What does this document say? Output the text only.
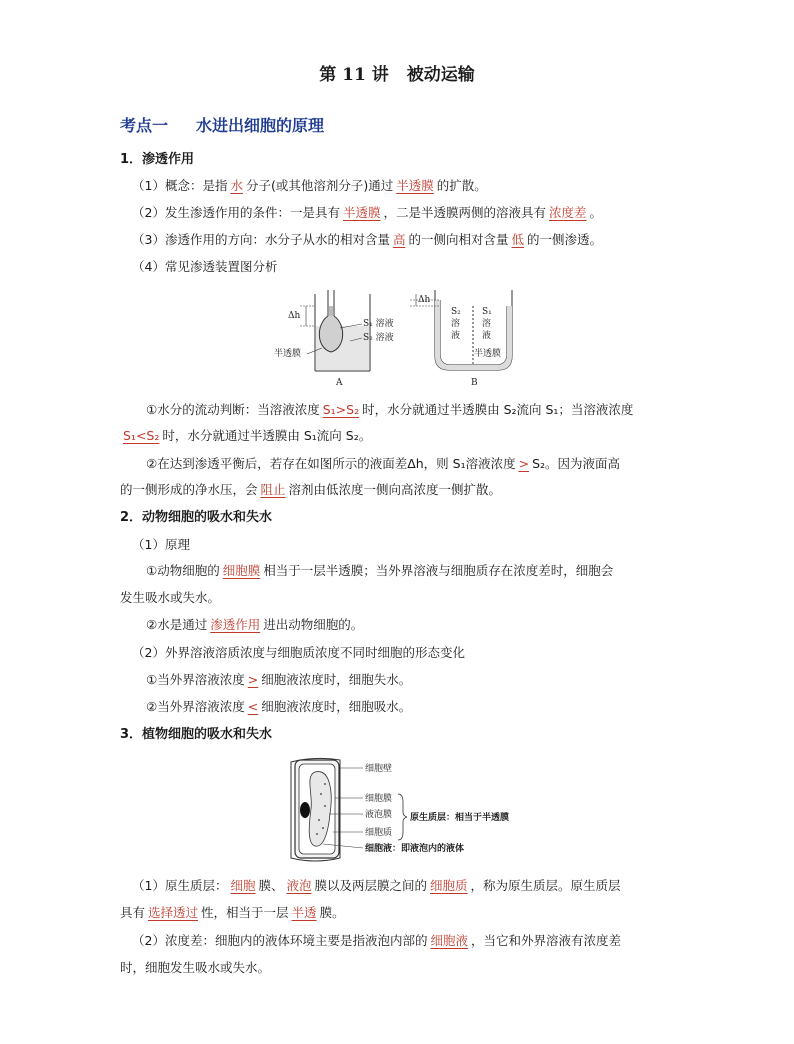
第 11 讲 被动运输
考点一 水进出细胞的原理
1．渗透作用
（1）概念：是指 水 分子(或其他溶剂分子)通过 半透膜 的扩散。
（2）发生渗透作用的条件：一是具有 半透膜 ，二是半透膜两侧的溶液具有 浓度差 。
（3）渗透作用的方向：水分子从水的相对含量 高 的一侧向相对含量 低 的一侧渗透。
（4）常见渗透装置图分析
Δh
S₁ 溶液
S₂ 溶液
半透膜
A
Δh
S₂
溶
液
S₁
溶
液
半透膜
B
①水分的流动判断：当溶液浓度 S₁>S₂ 时，水分就通过半透膜由 S₂流向 S₁；当溶液浓度
S₁<S₂ 时，水分就通过半透膜由 S₁流向 S₂。
②在达到渗透平衡后，若存在如图所示的液面差Δh，则 S₁溶液浓度 > S₂。因为液面高
的一侧形成的净水压，会 阻止 溶剂由低浓度一侧向高浓度一侧扩散。
2．动物细胞的吸水和失水
（1）原理
①动物细胞的 细胞膜 相当于一层半透膜；当外界溶液与细胞质存在浓度差时，细胞会
发生吸水或失水。
②水是通过 渗透作用 进出动物细胞的。
（2）外界溶液溶质浓度与细胞质浓度不同时细胞的形态变化
①当外界溶液浓度 > 细胞液浓度时，细胞失水。
②当外界溶液浓度 < 细胞液浓度时，细胞吸水。
3．植物细胞的吸水和失水
细胞壁
细胞膜
液泡膜
细胞质
细胞液：即液泡内的液体
原生质层：相当于半透膜
（1）原生质层： 细胞 膜、 液泡 膜以及两层膜之间的 细胞质 ，称为原生质层。原生质层
具有 选择透过 性，相当于一层 半透 膜。
（2）浓度差：细胞内的液体环境主要是指液泡内部的 细胞液 ，当它和外界溶液有浓度差
时，细胞发生吸水或失水。
